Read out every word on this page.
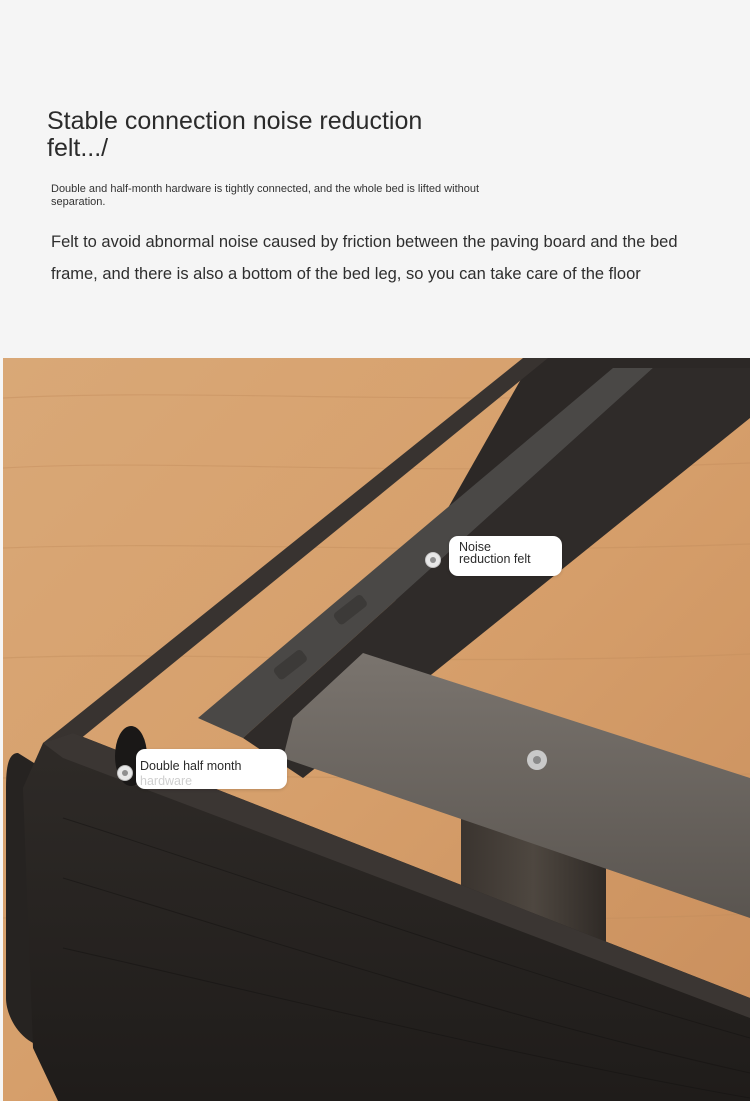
Stable connection noise reduction felt.../
Double and half-month hardware is tightly connected, and the whole bed is lifted without separation.
Felt to avoid abnormal noise caused by friction between the paving board and the bed frame, and there is also a bottom of the bed leg, so you can take care of the floor
Noise
reduction felt
Double half month
hardware
